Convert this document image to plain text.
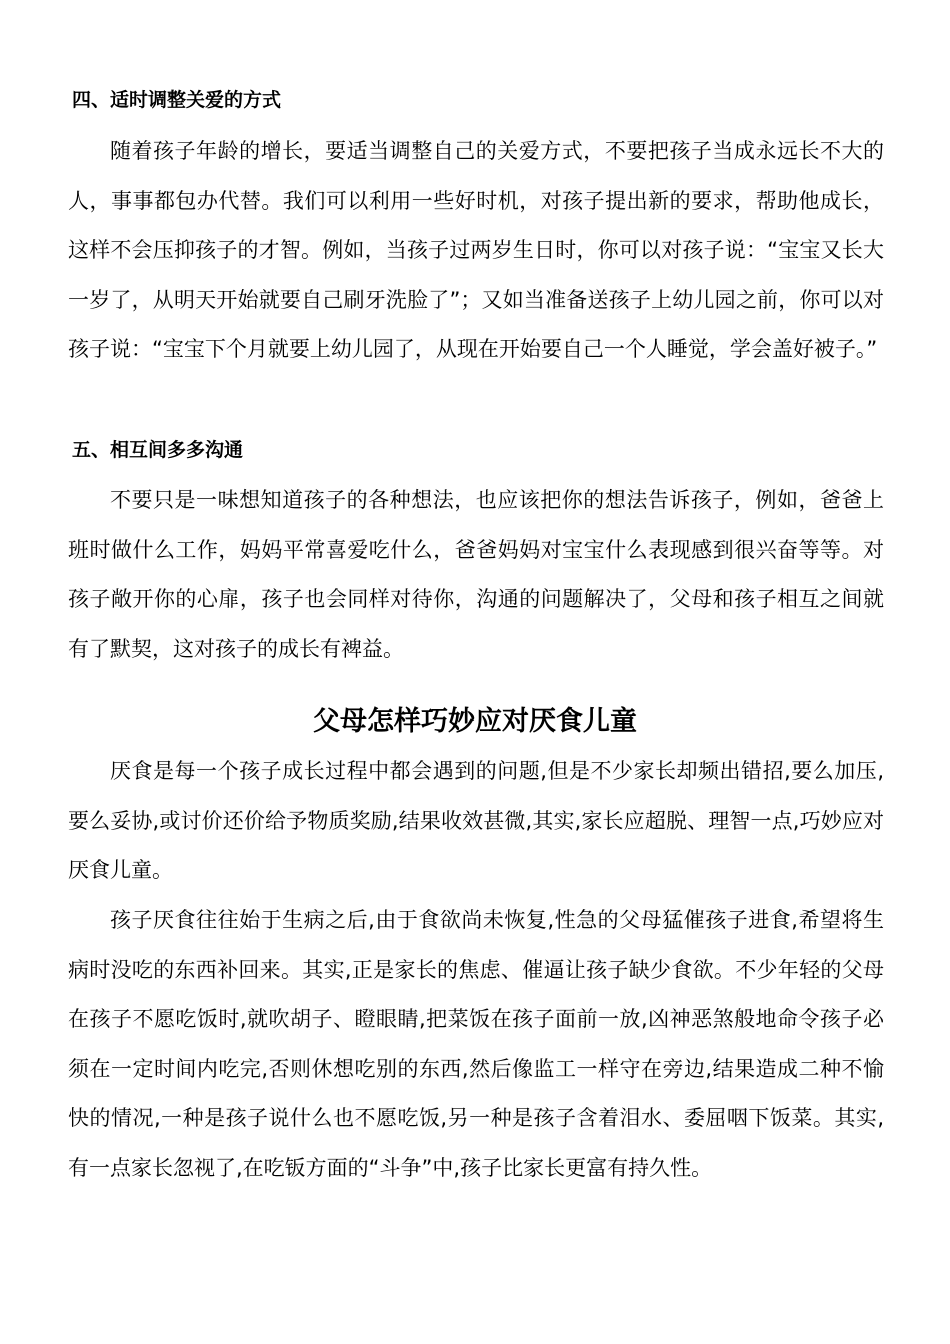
四、适时调整关爱的方式

随着孩子年龄的增长，要适当调整自己的关爱方式，不要把孩子当成永远长不大的人，事事都包办代替。我们可以利用一些好时机，对孩子提出新的要求，帮助他成长，这样不会压抑孩子的才智。例如，当孩子过两岁生日时，你可以对孩子说：“宝宝又长大一岁了，从明天开始就要自己刷牙洗脸了”；又如当准备送孩子上幼儿园之前，你可以对孩子说：“宝宝下个月就要上幼儿园了，从现在开始要自己一个人睡觉，学会盖好被子。”

五、相互间多多沟通

不要只是一味想知道孩子的各种想法，也应该把你的想法告诉孩子，例如，爸爸上班时做什么工作，妈妈平常喜爱吃什么，爸爸妈妈对宝宝什么表现感到很兴奋等等。对孩子敞开你的心扉，孩子也会同样对待你，沟通的问题解决了，父母和孩子相互之间就有了默契，这对孩子的成长有裨益。

父母怎样巧妙应对厌食儿童

厌食是每一个孩子成长过程中都会遇到的问题,但是不少家长却频出错招,要么加压,要么妥协,或讨价还价给予物质奖励,结果收效甚微,其实,家长应超脱、理智一点,巧妙应对厌食儿童。

孩子厌食往往始于生病之后,由于食欲尚未恢复,性急的父母猛催孩子进食,希望将生病时没吃的东西补回来。其实,正是家长的焦虑、催逼让孩子缺少食欲。不少年轻的父母在孩子不愿吃饭时,就吹胡子、瞪眼睛,把菜饭在孩子面前一放,凶神恶煞般地命令孩子必须在一定时间内吃完,否则休想吃别的东西,然后像监工一样守在旁边,结果造成二种不愉快的情况,一种是孩子说什么也不愿吃饭,另一种是孩子含着泪水、委屈咽下饭菜。其实,有一点家长忽视了,在吃钣方面的“斗争”中,孩子比家长更富有持久性。
